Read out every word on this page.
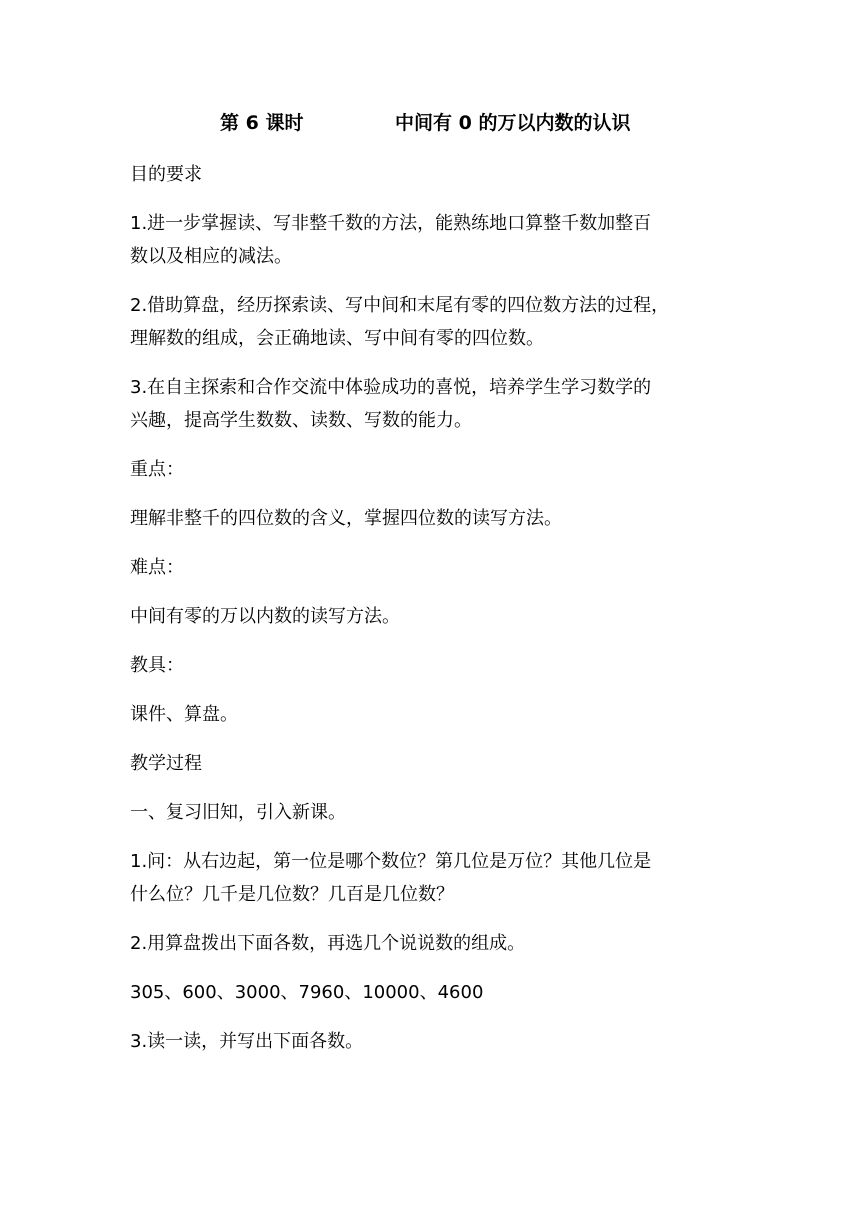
第 6 课时	中间有 0 的万以内数的认识

目的要求

1.进一步掌握读、写非整千数的方法，能熟练地口算整千数加整百
数以及相应的减法。

2.借助算盘，经历探索读、写中间和末尾有零的四位数方法的过程，
理解数的组成，会正确地读、写中间有零的四位数。

3.在自主探索和合作交流中体验成功的喜悦，培养学生学习数学的
兴趣，提高学生数数、读数、写数的能力。

重点：

理解非整千的四位数的含义，掌握四位数的读写方法。

难点：

中间有零的万以内数的读写方法。

教具：

课件、算盘。

教学过程

一、复习旧知，引入新课。

1.问：从右边起，第一位是哪个数位？第几位是万位？其他几位是
什么位？几千是几位数？几百是几位数？

2.用算盘拨出下面各数，再选几个说说数的组成。

305、600、3000、7960、10000、4600

3.读一读，并写出下面各数。
